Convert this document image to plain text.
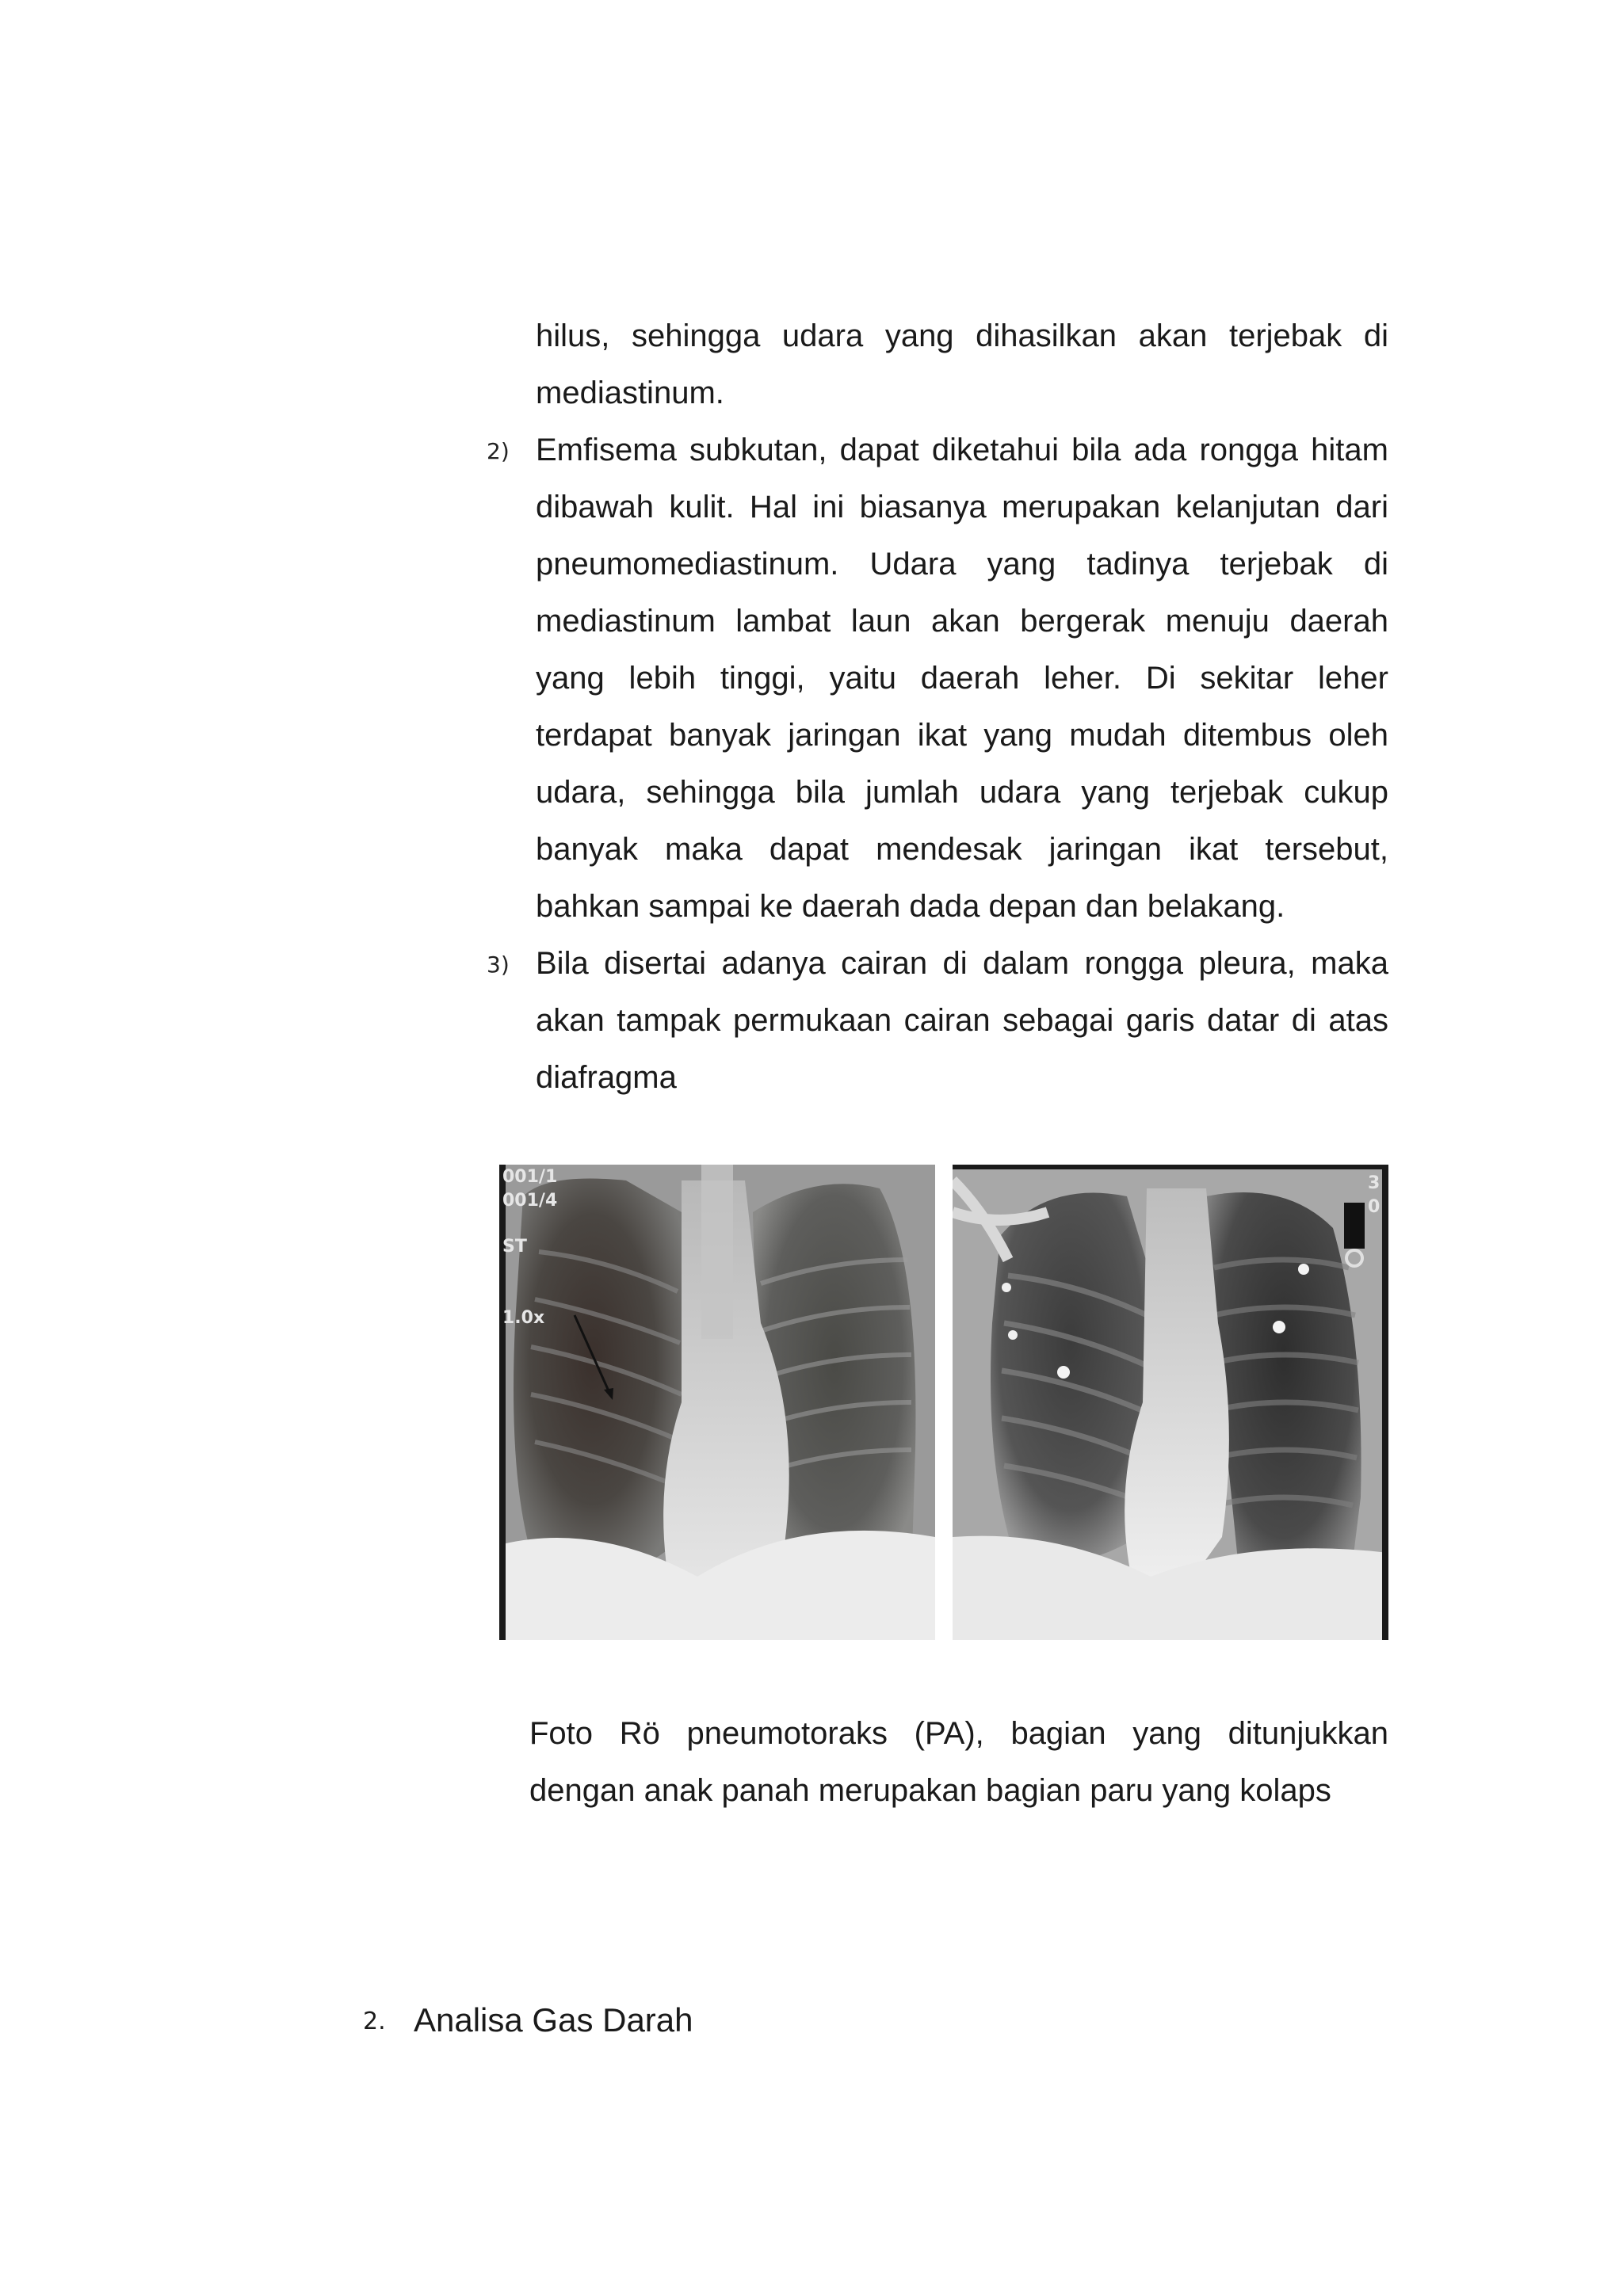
hilus, sehingga udara yang dihasilkan akan terjebak di
mediastinum.
2) Emfisema subkutan, dapat diketahui bila ada rongga hitam
dibawah kulit. Hal ini biasanya merupakan kelanjutan dari
pneumomediastinum. Udara yang tadinya terjebak di
mediastinum lambat laun akan bergerak menuju daerah
yang lebih tinggi, yaitu daerah leher. Di sekitar leher
terdapat banyak jaringan ikat yang mudah ditembus oleh
udara, sehingga bila jumlah udara yang terjebak cukup
banyak maka dapat mendesak jaringan ikat tersebut,
bahkan sampai ke daerah dada depan dan belakang.
3) Bila disertai adanya cairan di dalam rongga pleura, maka
akan tampak permukaan cairan sebagai garis datar di atas
diafragma
001/1
001/4
ST
1.0x
3
0
Foto Rö pneumotoraks (PA), bagian yang ditunjukkan
dengan anak panah merupakan bagian paru yang kolaps
2. Analisa Gas Darah
